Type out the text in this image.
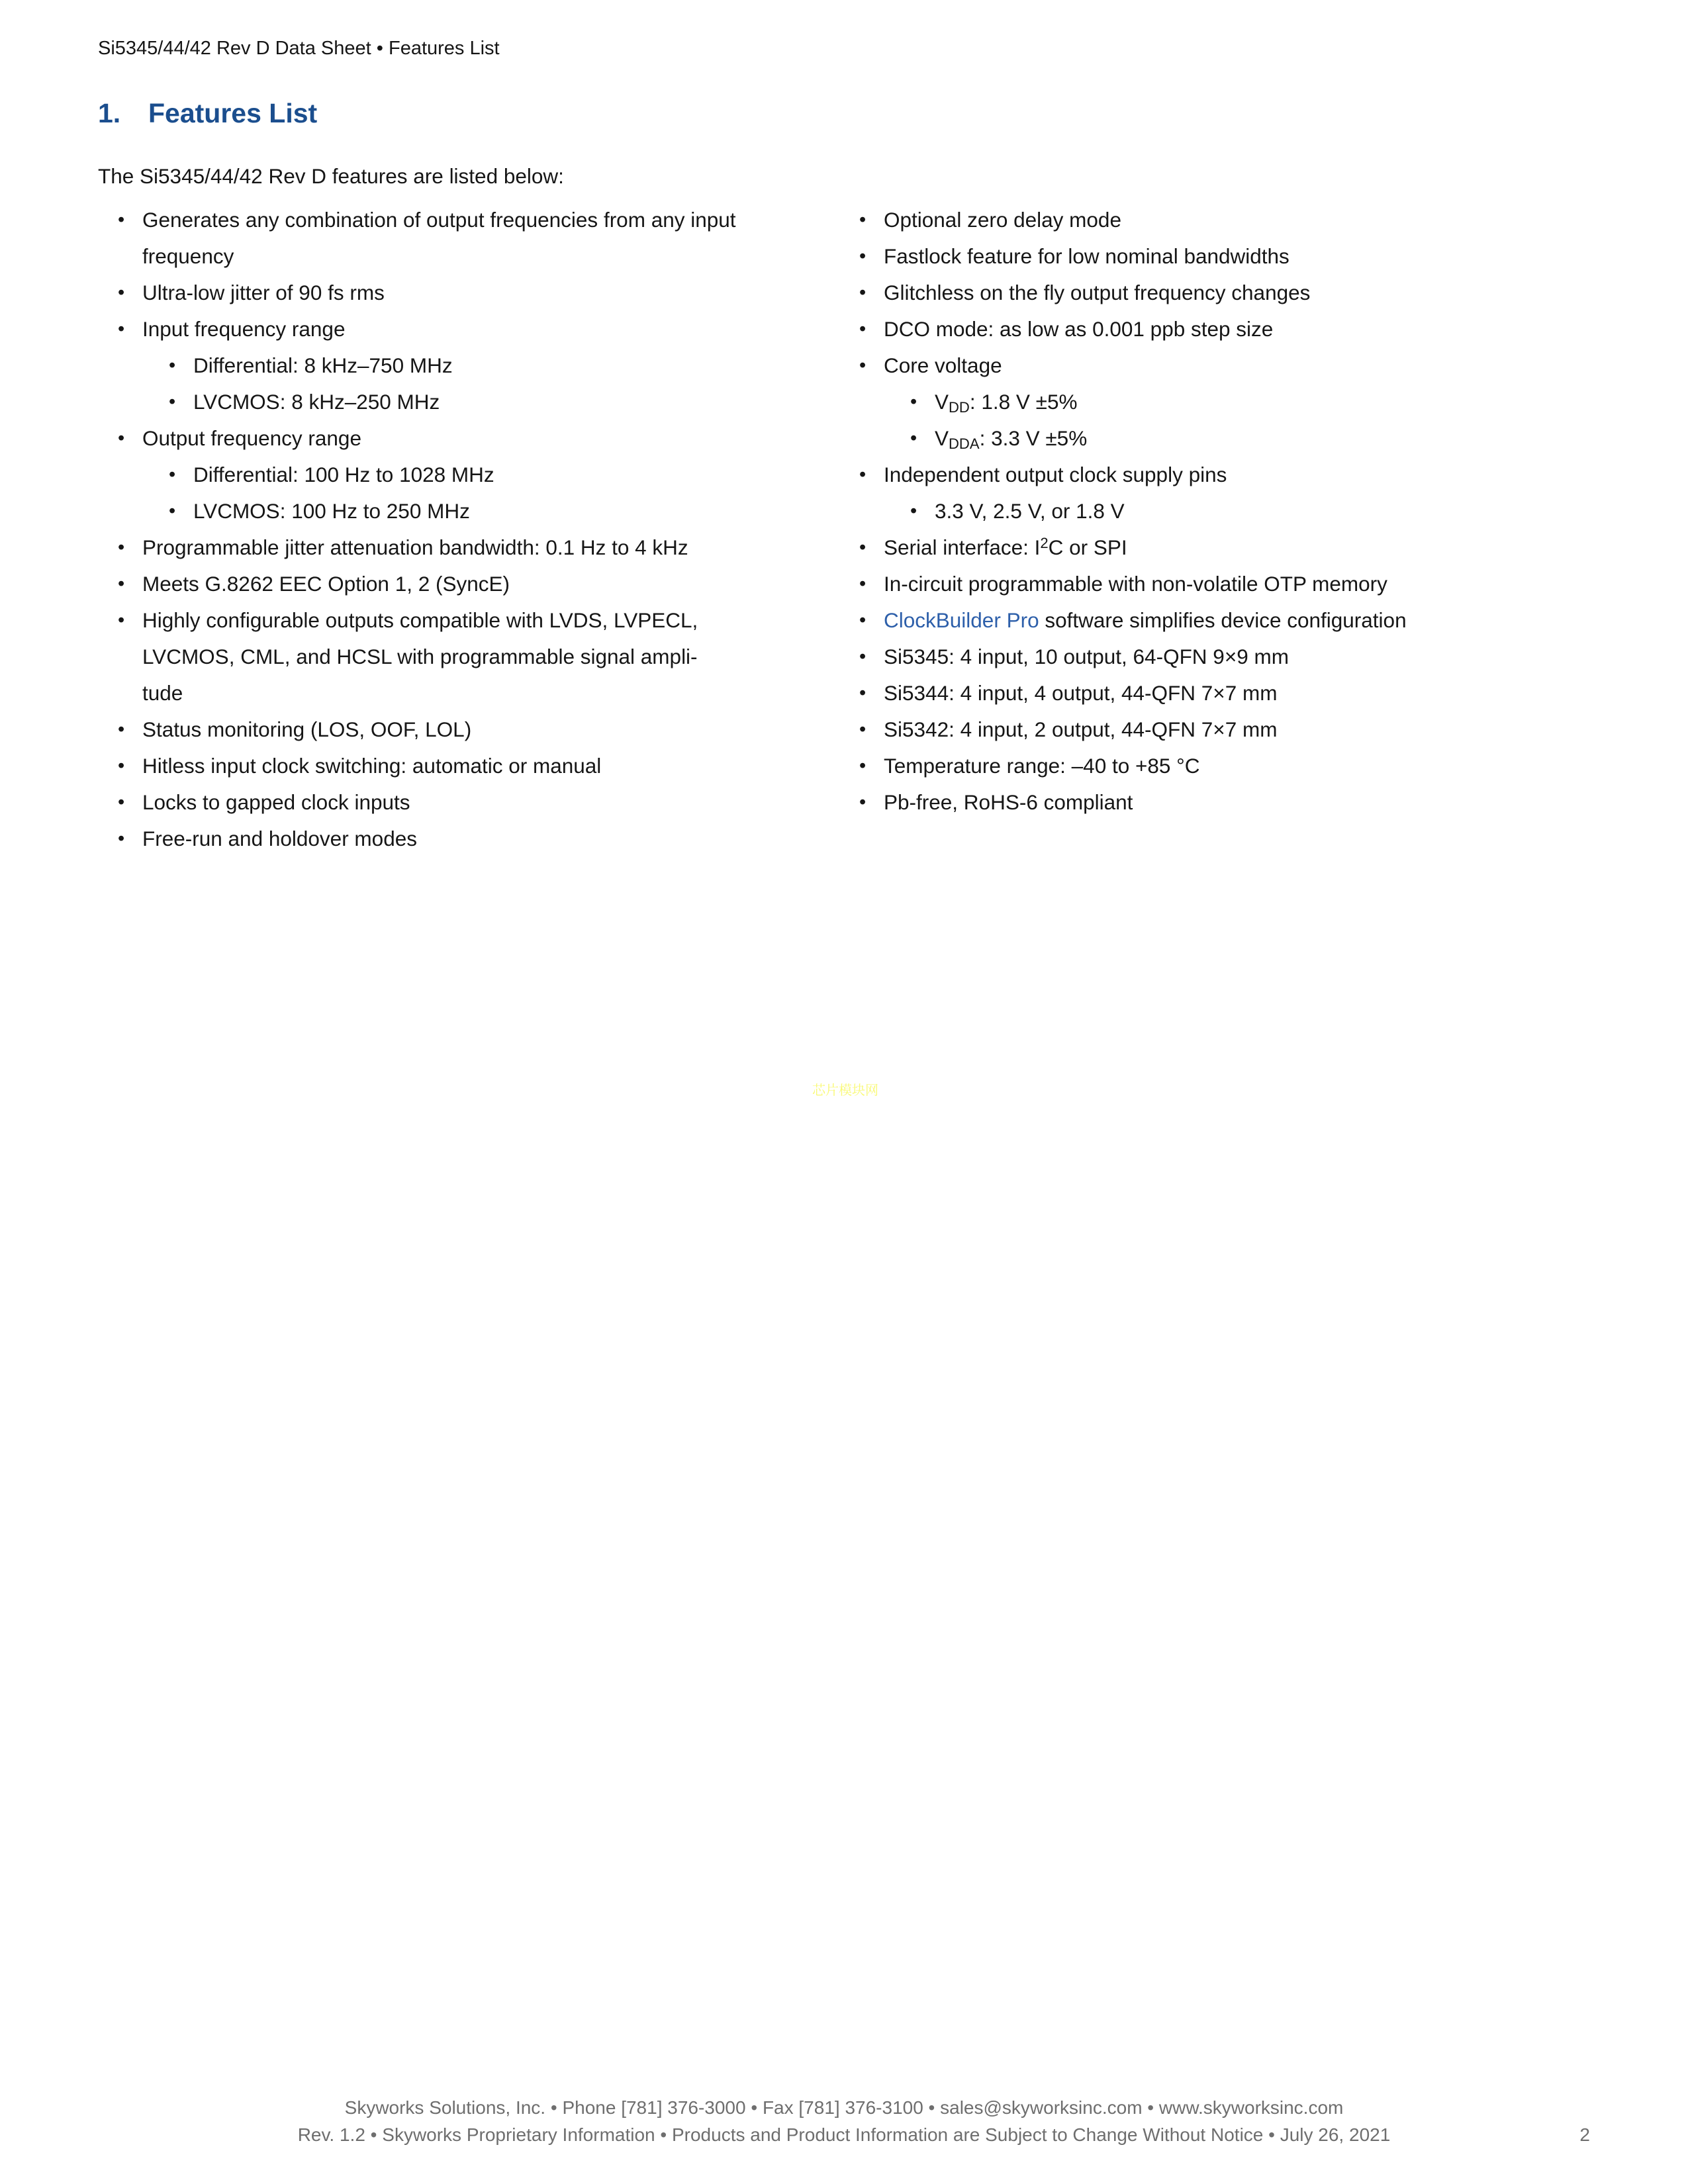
Si5345/44/42 Rev D Data Sheet • Features List
1. Features List
The Si5345/44/42 Rev D features are listed below:
• Generates any combination of output frequencies from any input frequency
• Ultra-low jitter of 90 fs rms
• Input frequency range
• Differential: 8 kHz–750 MHz
• LVCMOS: 8 kHz–250 MHz
• Output frequency range
• Differential: 100 Hz to 1028 MHz
• LVCMOS: 100 Hz to 250 MHz
• Programmable jitter attenuation bandwidth: 0.1 Hz to 4 kHz
• Meets G.8262 EEC Option 1, 2 (SyncE)
• Highly configurable outputs compatible with LVDS, LVPECL, LVCMOS, CML, and HCSL with programmable signal ampli-
tude
• Status monitoring (LOS, OOF, LOL)
• Hitless input clock switching: automatic or manual
• Locks to gapped clock inputs
• Free-run and holdover modes
• Optional zero delay mode
• Fastlock feature for low nominal bandwidths
• Glitchless on the fly output frequency changes
• DCO mode: as low as 0.001 ppb step size
• Core voltage
• $V_{DD}$: 1.8 V ±5%
• $V_{DDA}$: 3.3 V ±5%
• Independent output clock supply pins
• 3.3 V, 2.5 V, or 1.8 V
• Serial interface: $I^2C$ or SPI
• In-circuit programmable with non-volatile OTP memory
• ClockBuilder Pro software simplifies device configuration
• Si5345: 4 input, 10 output, 64-QFN 9×9 mm
• Si5344: 4 input, 4 output, 44-QFN 7×7 mm
• Si5342: 4 input, 2 output, 44-QFN 7×7 mm
• Temperature range: –40 to +85 °C
• Pb-free, RoHS-6 compliant
芯片模块网
Skyworks Solutions, Inc. • Phone [781] 376-3000 • Fax [781] 376-3100 • sales@skyworksinc.com • www.skyworksinc.com
Rev. 1.2 • Skyworks Proprietary Information • Products and Product Information are Subject to Change Without Notice • July 26, 2021	2
